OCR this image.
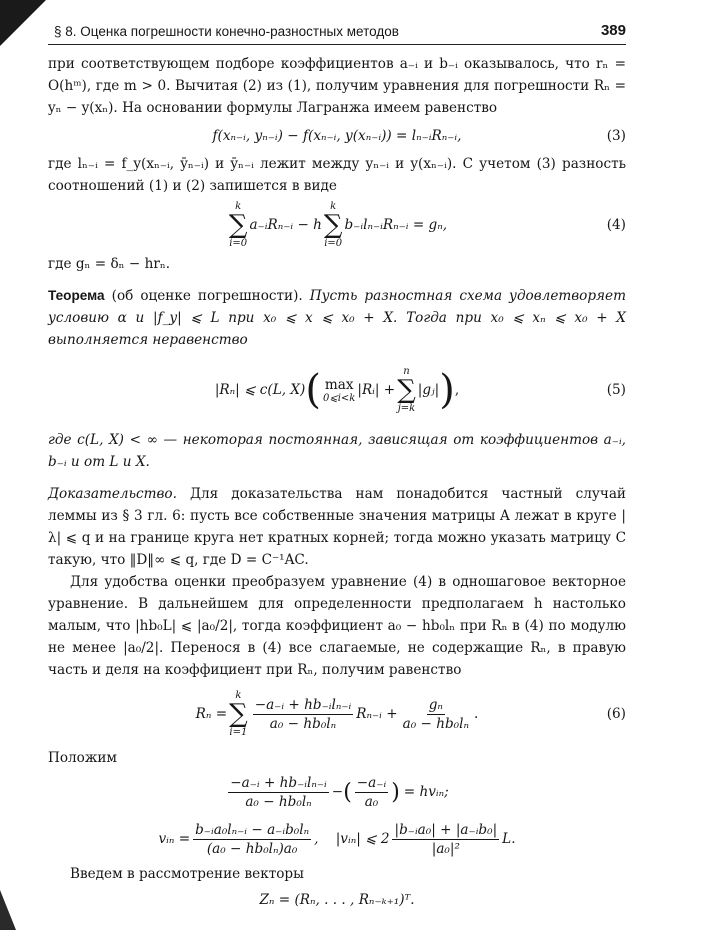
§ 8. Оценка погрешности конечно-разностных методов	389

при соответствующем подборе коэффициентов a₋ᵢ и b₋ᵢ оказывалось, что rₙ = O(hᵐ), где m > 0. Вычитая (2) из (1), получим уравнения для погрешности Rₙ = yₙ − y(xₙ). На основании формулы Лагранжа имеем равенство

f(xₙ₋ᵢ, yₙ₋ᵢ) − f(xₙ₋ᵢ, y(xₙ₋ᵢ)) = lₙ₋ᵢRₙ₋ᵢ,	(3)

где lₙ₋ᵢ = f_y(xₙ₋ᵢ, ȳₙ₋ᵢ) и ȳₙ₋ᵢ лежит между yₙ₋ᵢ и y(xₙ₋ᵢ). С учетом (3) разность соотношений (1) и (2) запишется в виде

k
∑
i=0
a₋ᵢRₙ₋ᵢ − h
k
∑
i=0
b₋ᵢlₙ₋ᵢRₙ₋ᵢ = gₙ,	(4)

где gₙ = δₙ − hrₙ.

Теорема (об оценке погрешности). Пусть разностная схема удовлетворяет условию α и |f_y| ⩽ L при x₀ ⩽ x ⩽ x₀ + X. Тогда при x₀ ⩽ xₙ ⩽ x₀ + X выполняется неравенство

|Rₙ| ⩽ c(L, X) ( max
0⩽i<k |Rᵢ| +
n
∑
j=k
|gⱼ| ) ,	(5)

где c(L, X) < ∞ — некоторая постоянная, зависящая от коэффициентов a₋ᵢ, b₋ᵢ и от L и X.

Доказательство. Для доказательства нам понадобится частный случай леммы из § 3 гл. 6: пусть все собственные значения матрицы A лежат в круге |λ| ⩽ q и на границе круга нет кратных корней; тогда можно указать матрицу C такую, что ‖D‖∞ ⩽ q, где D = C⁻¹AC.

Для удобства оценки преобразуем уравнение (4) в одношаговое векторное уравнение. В дальнейшем для определенности предполагаем h настолько малым, что |hb₀L| ⩽ |a₀/2|, тогда коэффициент a₀ − hb₀lₙ при Rₙ в (4) по модулю не менее |a₀/2|. Перенося в (4) все слагаемые, не содержащие Rₙ, в правую часть и деля на коэффициент при Rₙ, получим равенство

Rₙ =
k
∑
$i=1 \frac{\text{−a₋ᵢ + hb₋ᵢlₙ₋ᵢ}}{\text{a₀ − hb₀lₙ}}$ Rₙ₋ᵢ + $\frac{\text{gₙ}}{\text{a₀ − hb₀lₙ}}$ .	(6)

Положим

$\frac{\text{−a₋ᵢ + hb₋ᵢlₙ₋ᵢ}}{\text{a₀ − hb₀lₙ}}$ − ( $\frac{\text{−a₋ᵢ}}{\text{a₀}}$ ) = hvᵢₙ;
vᵢₙ = $\frac{\text{b₋ᵢa₀lₙ₋ᵢ − a₋ᵢb₀lₙ}}{\text{(a₀ − hb₀lₙ)a₀}}$ ,    |vᵢₙ| ⩽ $2 \frac{\text{|b₋ᵢa₀| + |a₋ᵢb₀|}}{\text{|a₀|²}} L$.

Введем в рассмотрение векторы

Zₙ = (Rₙ, . . . , Rₙ₋ₖ₊₁)ᵀ.
